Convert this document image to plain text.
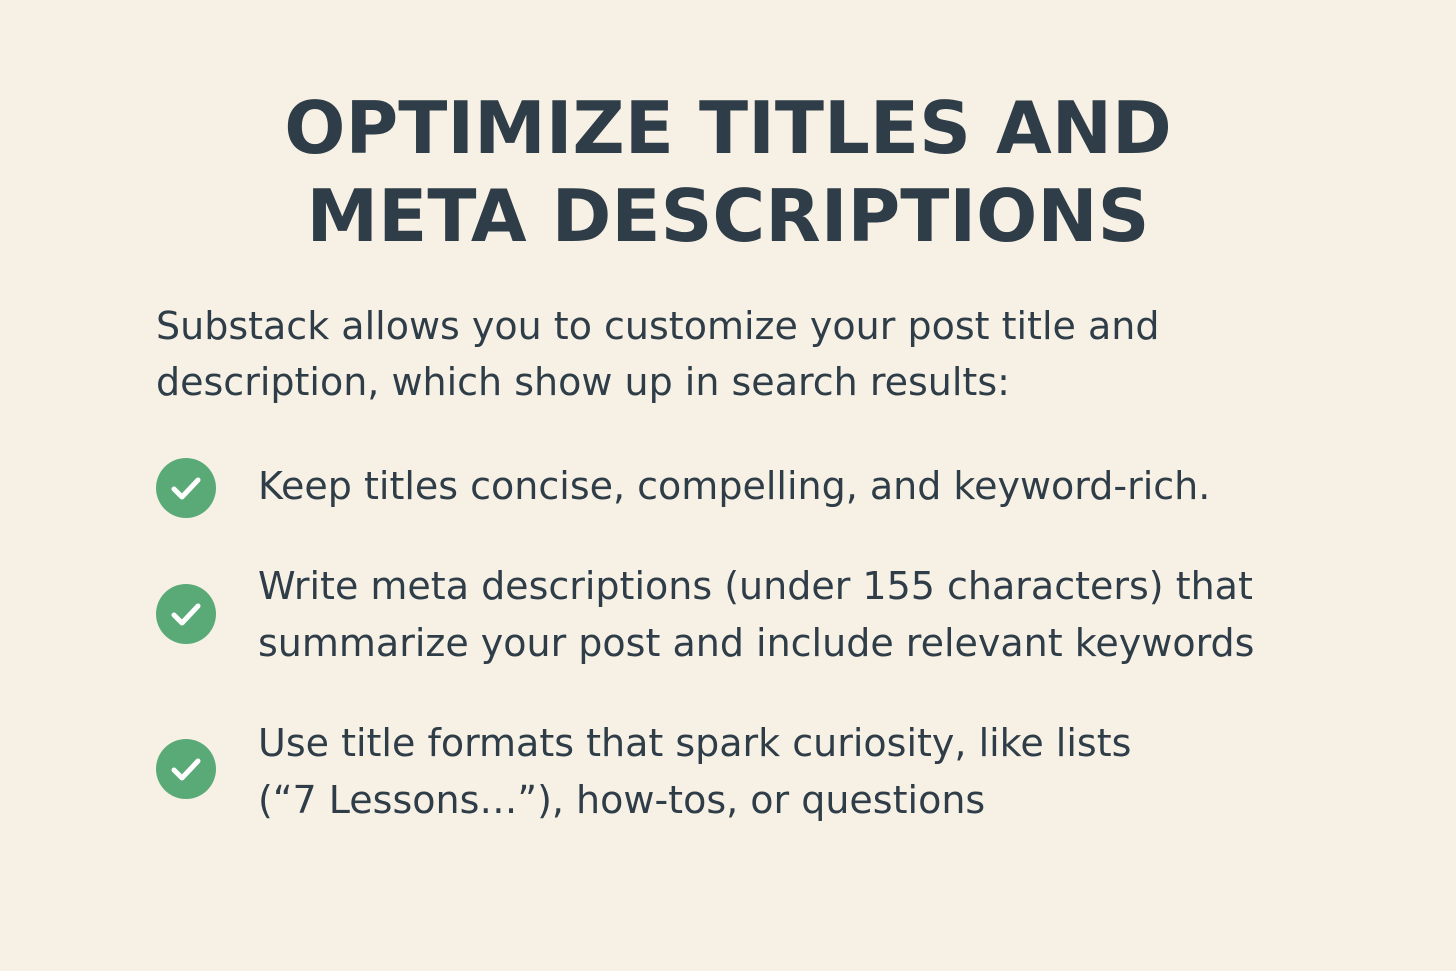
OPTIMIZE TITLES AND
META DESCRIPTIONS

Substack allows you to customize your post title and
description, which show up in search results:

Keep titles concise, compelling, and keyword-rich.

Write meta descriptions (under 155 characters) that
summarize your post and include relevant keywords

Use title formats that spark curiosity, like lists
(“7 Lessons…”), how-tos, or questions
